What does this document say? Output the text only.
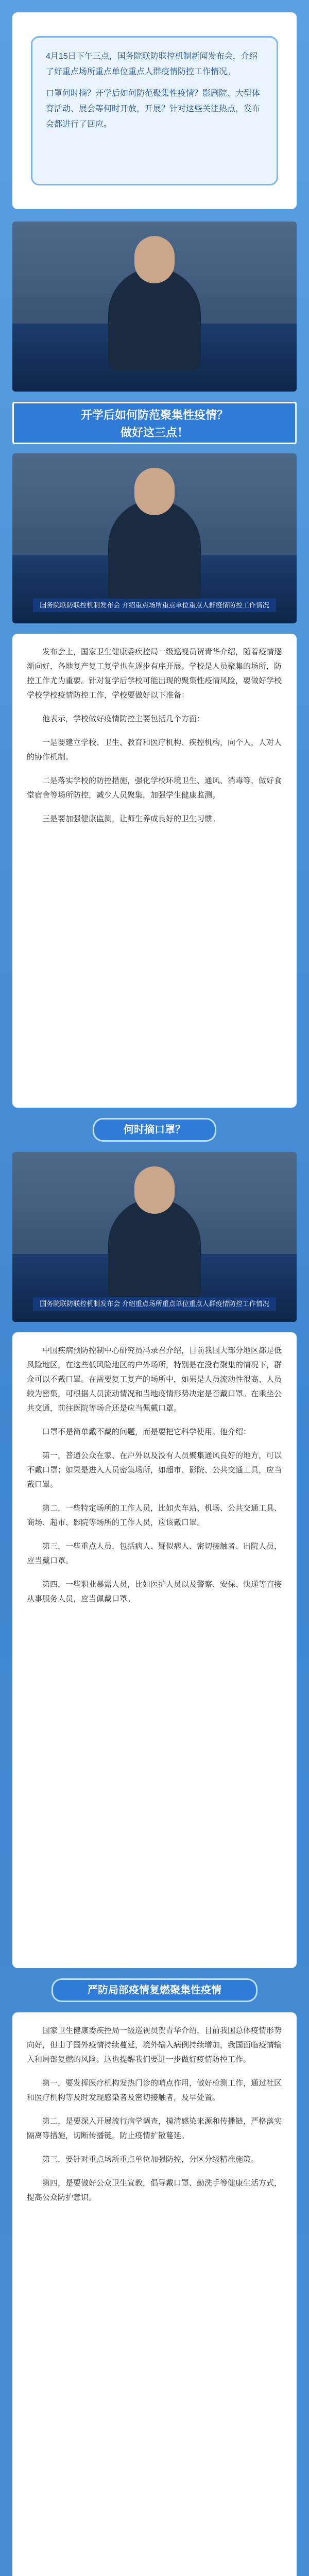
4月15日下午三点，国务院联防联控机制新闻发布会，介绍了好重点场所重点单位重点人群疫情防控工作情况。

口罩何时摘？开学后如何防范聚集性疫情？影剧院、大型体育活动、展会等何时开放，开展？针对这些关注热点，发布会都进行了回应。

开学后如何防范聚集性疫情？
做好这三点！
国务院联防联控机制发布会 介绍重点场所重点单位重点人群疫情防控工作情况

发布会上，国家卫生健康委疾控局一级巡视员贺青华介绍，随着疫情逐渐向好，各地复产复工复学也在逐步有序开展。学校是人员聚集的场所，防控工作尤为重要。针对复学后学校可能出现的聚集性疫情风险，要做好学校学校学校疫情防控工作，学校要做好以下准备：

他表示，学校做好疫情防控主要包括几个方面：

一是要建立学校、卫生、教育和医疗机构、疾控机构，向个人，人对人的协作机制。

二是落实学校的防控措施，强化学校环境卫生、通风、消毒等，做好食堂宿舍等场所防控，减少人员聚集，加强学生健康监测。

三是要加强健康监测，让师生养成良好的卫生习惯。

何时摘口罩？
国务院联防联控机制发布会 介绍重点场所重点单位重点人群疫情防控工作情况

中国疾病预防控制中心研究员冯录召介绍，目前我国大部分地区都是低风险地区，在这些低风险地区的户外场所，特别是在没有聚集的情况下，群众可以不戴口罩。在需要复工复产的场所中，如果是人员流动性很高、人员较为密集，可根据人员流动情况和当地疫情形势决定是否戴口罩。在乘坐公共交通，前往医院等场合还是应当佩戴口罩。

口罩不是简单戴不戴的问题，而是要把它科学使用。他介绍：

第一，普通公众在家、在户外以及没有人员聚集通风良好的地方，可以不戴口罩；如果是进入人员密集场所，如超市、影院、公共交通工具，应当戴口罩。

第二，一些特定场所的工作人员，比如火车站、机场、公共交通工具、商场、超市、影院等场所的工作人员，应该戴口罩。

第三，一些重点人员，包括病人、疑似病人、密切接触者、出院人员，应当戴口罩。

第四，一些职业暴露人员，比如医护人员以及警察、安保、快递等直接从事服务人员，应当佩戴口罩。

严防局部疫情复燃聚集性疫情

国家卫生健康委疾控局一级巡视员贺青华介绍，目前我国总体疫情形势向好，但由于国外疫情持续蔓延，境外输入病例持续增加，我国面临疫情输入和局部复燃的风险。这也提醒我们要进一步做好疫情防控工作。

第一，要发挥医疗机构发热门诊的哨点作用，做好检测工作，通过社区和医疗机构等及时发现感染者及密切接触者，及早处置。

第二，是要深入开展流行病学调查，摸清感染来源和传播链，严格落实隔离等措施，切断传播链，防止疫情扩散蔓延。

第三，要针对重点场所重点单位加强防控，分区分级精准施策。

第四，是要做好公众卫生宣教，倡导戴口罩、勤洗手等健康生活方式，提高公众防护意识。
